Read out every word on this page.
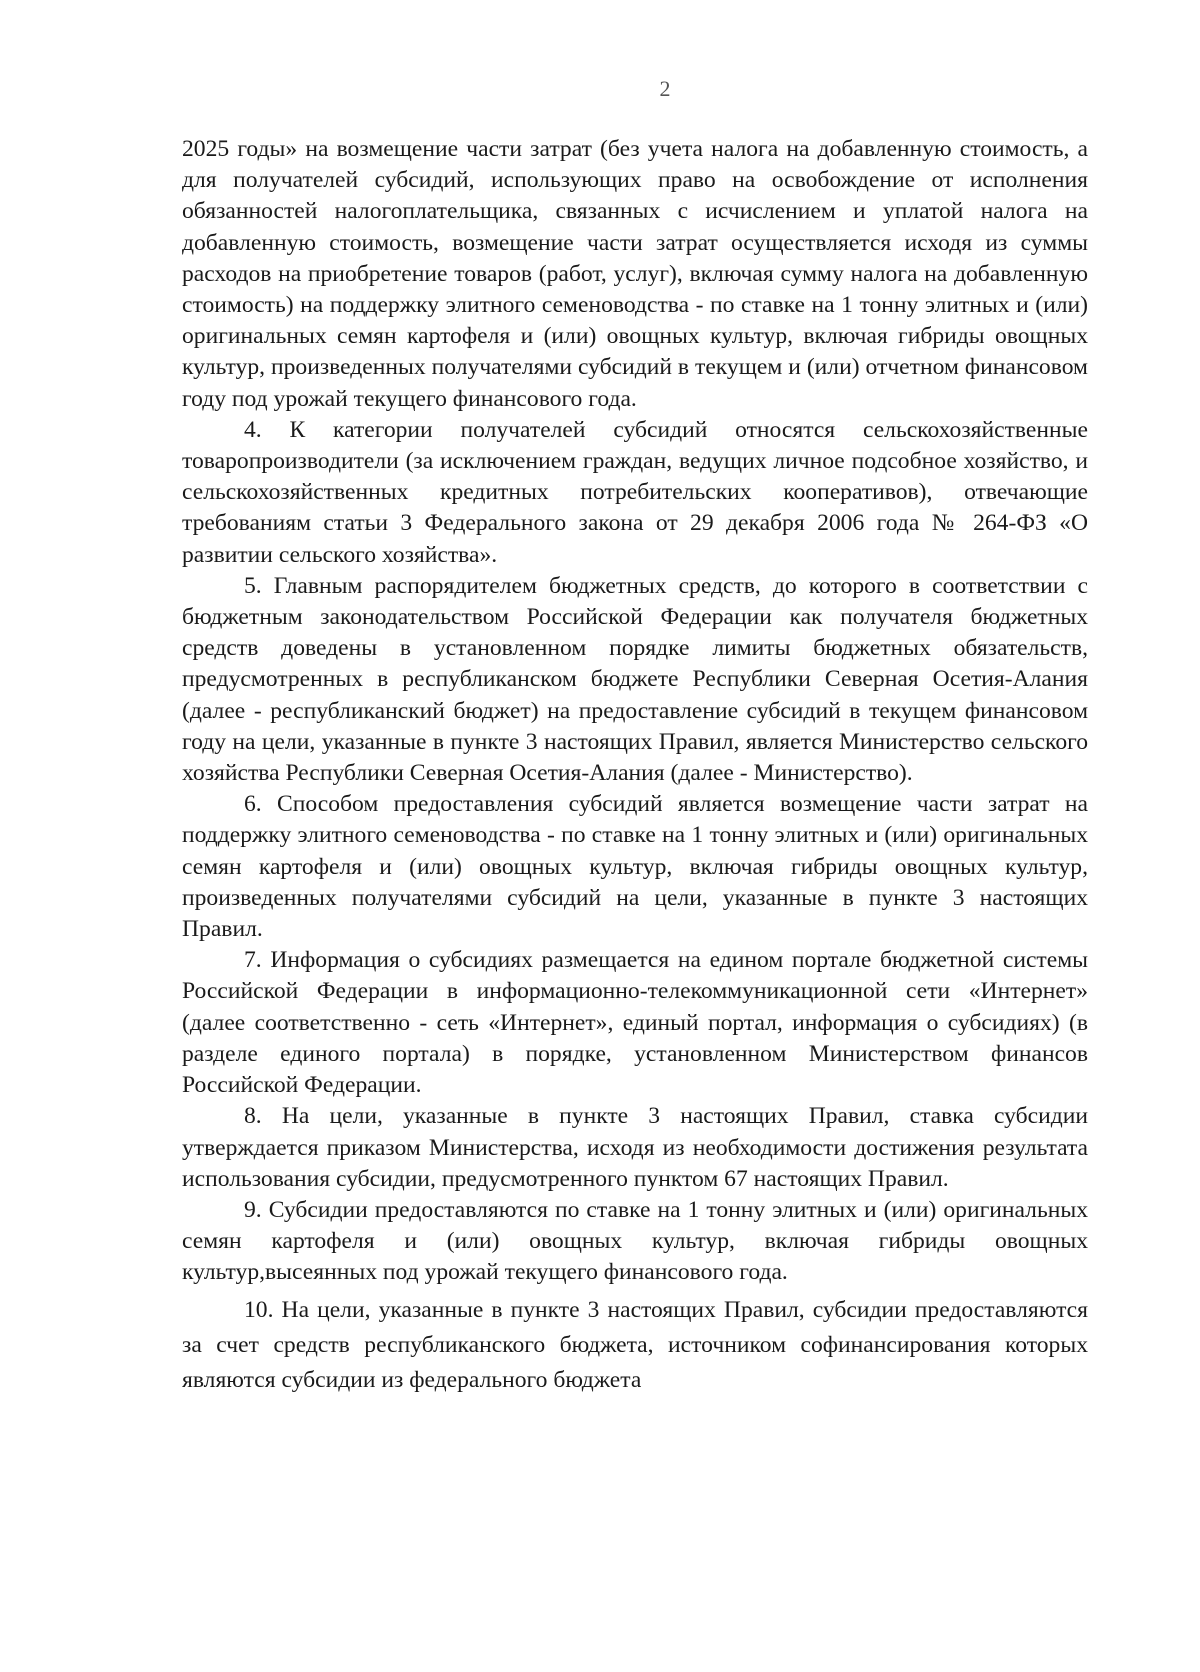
2

2025 годы» на возмещение части затрат (без учета налога на добавленную стоимость, а для получателей субсидий, использующих право на освобождение от исполнения обязанностей налогоплательщика, связанных с исчислением и уплатой налога на добавленную стоимость, возмещение части затрат осуществляется исходя из суммы расходов на приобретение товаров (работ, услуг), включая сумму налога на добавленную стоимость) на поддержку элитного семеноводства - по ставке на 1 тонну элитных и (или) оригинальных семян картофеля и (или) овощных культур, включая гибриды овощных культур, произведенных получателями субсидий в текущем и (или) отчетном финансовом году под урожай текущего финансового года.

4. К категории получателей субсидий относятся сельскохозяйственные товаропроизводители (за исключением граждан, ведущих личное подсобное хозяйство, и сельскохозяйственных кредитных потребительских кооперативов), отвечающие требованиям статьи 3 Федерального закона от 29 декабря 2006 года № 264-ФЗ «О развитии сельского хозяйства».

5. Главным распорядителем бюджетных средств, до которого в соответствии с бюджетным законодательством Российской Федерации как получателя бюджетных средств доведены в установленном порядке лимиты бюджетных обязательств, предусмотренных в республиканском бюджете Республики Северная Осетия-Алания (далее - республиканский бюджет) на предоставление субсидий в текущем финансовом году на цели, указанные в пункте 3 настоящих Правил, является Министерство сельского хозяйства Республики Северная Осетия-Алания (далее - Министерство).

6. Способом предоставления субсидий является возмещение части затрат на поддержку элитного семеноводства - по ставке на 1 тонну элитных и (или) оригинальных семян картофеля и (или) овощных культур, включая гибриды овощных культур, произведенных получателями субсидий на цели, указанные в пункте 3 настоящих Правил.

7. Информация о субсидиях размещается на едином портале бюджетной системы Российской Федерации в информационно-телекоммуникационной сети «Интернет» (далее соответственно - сеть «Интернет», единый портал, информация о субсидиях) (в разделе единого портала) в порядке, установленном Министерством финансов Российской Федерации.

8. На цели, указанные в пункте 3 настоящих Правил, ставка субсидии утверждается приказом Министерства, исходя из необходимости достижения результата использования субсидии, предусмотренного пунктом 67 настоящих Правил.

9. Субсидии предоставляются по ставке на 1 тонну элитных и (или) оригинальных семян картофеля и (или) овощных культур, включая гибриды овощных культур,высеянных под урожай текущего финансового года.

10. На цели, указанные в пункте 3 настоящих Правил, субсидии предоставляются за счет средств республиканского бюджета, источником софинансирования которых являются субсидии из федерального бюджета
